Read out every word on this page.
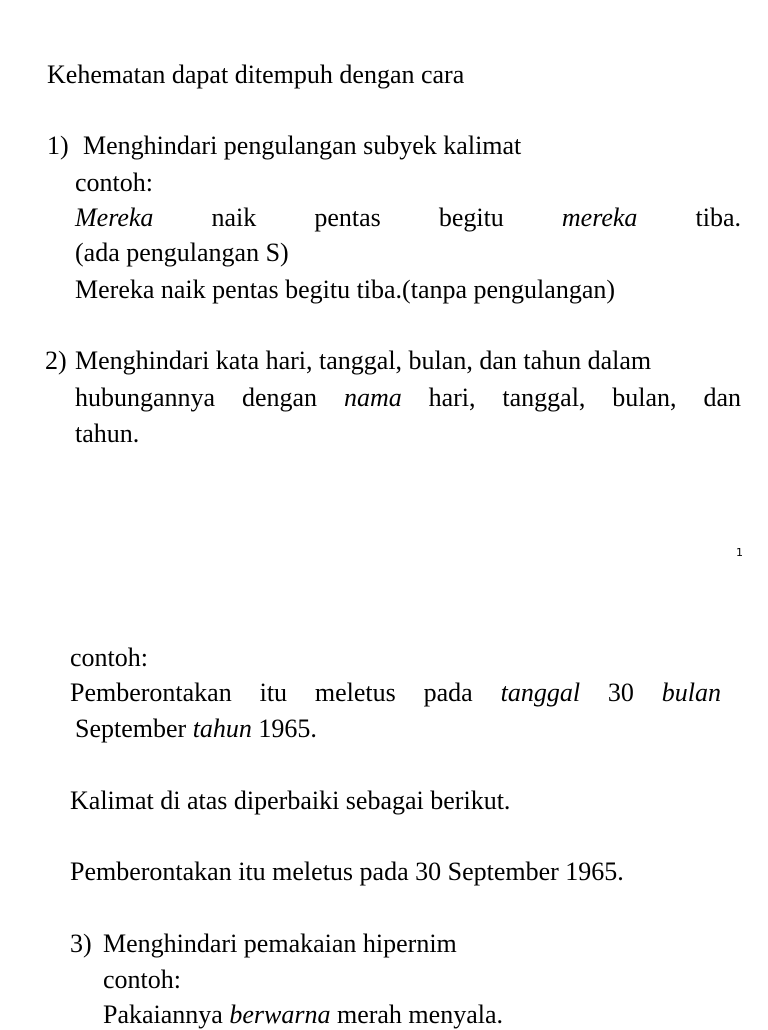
Kehematan dapat ditempuh dengan cara
1) Menghindari pengulangan subyek kalimat
contoh:
Mereka naik pentas begitu mereka tiba.
(ada pengulangan S)
Mereka naik pentas begitu tiba.(tanpa pengulangan)
2) Menghindari kata hari, tanggal, bulan, dan tahun dalam
hubungannya dengan nama hari, tanggal, bulan, dan
tahun.
1
contoh:
Pemberontakan itu meletus pada tanggal 30 bulan
September tahun 1965.
Kalimat di atas diperbaiki sebagai berikut.
Pemberontakan itu meletus pada 30 September 1965.
3) Menghindari pemakaian hipernim
contoh:
Pakaiannya berwarna merah menyala.
